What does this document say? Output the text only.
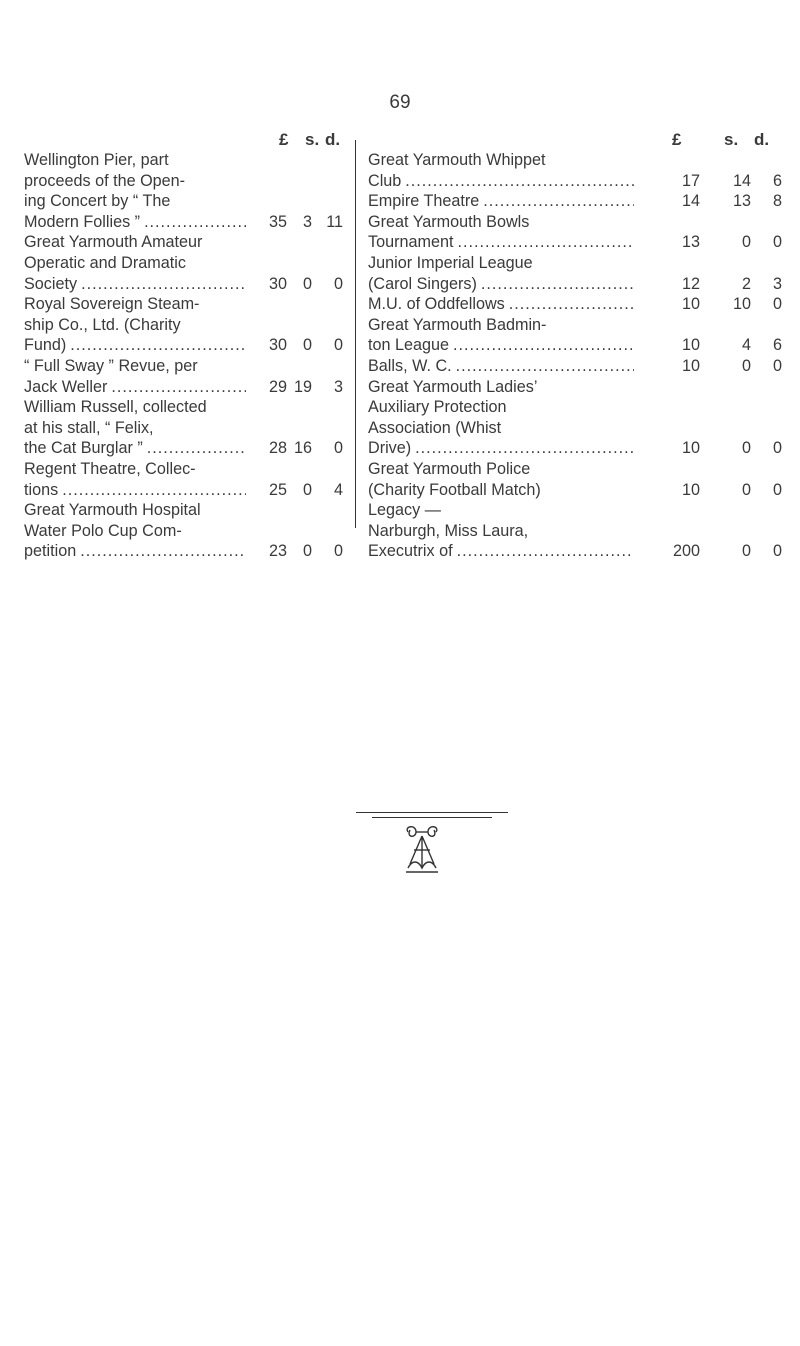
69
£ s. d.
Wellington Pier, part
proceeds of the Open-
ing Concert by “ The
Modern Follies ” .....	35 3 11
Great Yarmouth Amateur
Operatic and Dramatic
Society .....	30 0	0
Royal Sovereign Steam-
ship Co., Ltd. (Charity
Fund) .....	30 0	0
“ Full Sway ” Revue, per
Jack Weller .....	29 19	3
William Russell, collected
at his stall, “ Felix,
the Cat Burglar ” .....	28 16	0
Regent Theatre, Collec-
tions .....	25 0	4
Great Yarmouth Hospital
Water Polo Cup Com-
petition .....	23 0	0
£	s. d.
Great Yarmouth Whippet
Club .....	17	14	6
Empire Theatre .....	14	13	8
Great Yarmouth Bowls
Tournament .....	13	0	0
Junior Imperial League
(Carol Singers) .....	12	2	3
M.U. of Oddfellows .....	10	10	0
Great Yarmouth Badmin-
ton League .....	10	4	6
Balls, W. C. .....	10	0	0
Great Yarmouth Ladies’
Auxiliary Protection
Association (Whist
Drive) .....	10	0	0
Great Yarmouth Police
(Charity Football Match)	10	0	0
Legacy —
Narburgh, Miss Laura,
Executrix of .....	200	0	0
